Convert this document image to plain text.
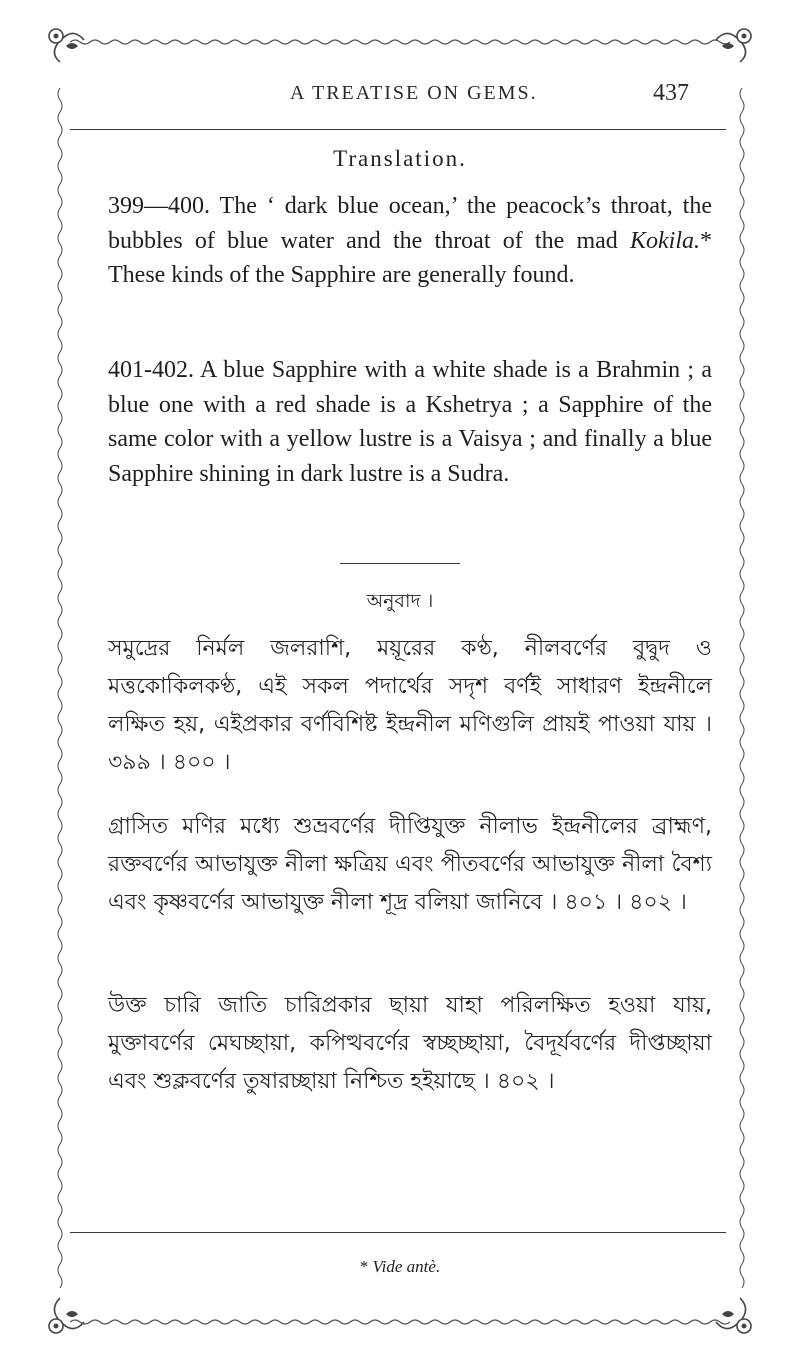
A TREATISE ON GEMS.	437
Translation.

399—400. The ‘ dark blue ocean,’ the peacock’s throat, the bubbles of blue water and the throat of the mad Kokila.* These kinds of the Sapphire are generally found.

401-402. A blue Sapphire with a white shade is a Brahmin ; a blue one with a red shade is a Kshetrya ; a Sapphire of the same color with a yellow lustre is a Vaisya ; and finally a blue Sapphire shining in dark lustre is a Sudra.

অনুবাদ ।

সমুদ্রের নির্মল জলরাশি, ময়ূরের কণ্ঠ, নীলবর্ণের বুদ্বুদ ও মত্তকোকিলকণ্ঠ, এই সকল পদার্থের সদৃশ বর্ণই সাধারণ ইন্দ্রনীলে লক্ষিত হয়, এইপ্রকার বর্ণবিশিষ্ট ইন্দ্রনীল মণিগুলি প্রায়ই পাওয়া যায় । ৩৯৯ । ৪০০ ।

গ্রাসিত মণির মধ্যে শুভ্রবর্ণের দীপ্তিযুক্ত নীলাভ ইন্দ্রনীলের ব্রাহ্মণ, রক্তবর্ণের আভাযুক্ত নীলা ক্ষত্রিয় এবং পীতবর্ণের আভাযুক্ত নীলা বৈশ্য এবং কৃষ্ণবর্ণের আভাযুক্ত নীলা শূদ্র বলিয়া জানিবে । ৪০১ । ৪০২ ।

উক্ত চারি জাতি চারিপ্রকার ছায়া যাহা পরিলক্ষিত হওয়া যায়, মুক্তাবর্ণের মেঘচ্ছায়া, কপিত্থবর্ণের স্বচ্ছচ্ছায়া, বৈদূর্যবর্ণের দীপ্তচ্ছায়া এবং শুক্লবর্ণের তুষারচ্ছায়া নিশ্চিত হইয়াছে । ৪০২ ।

* Vide antè.
